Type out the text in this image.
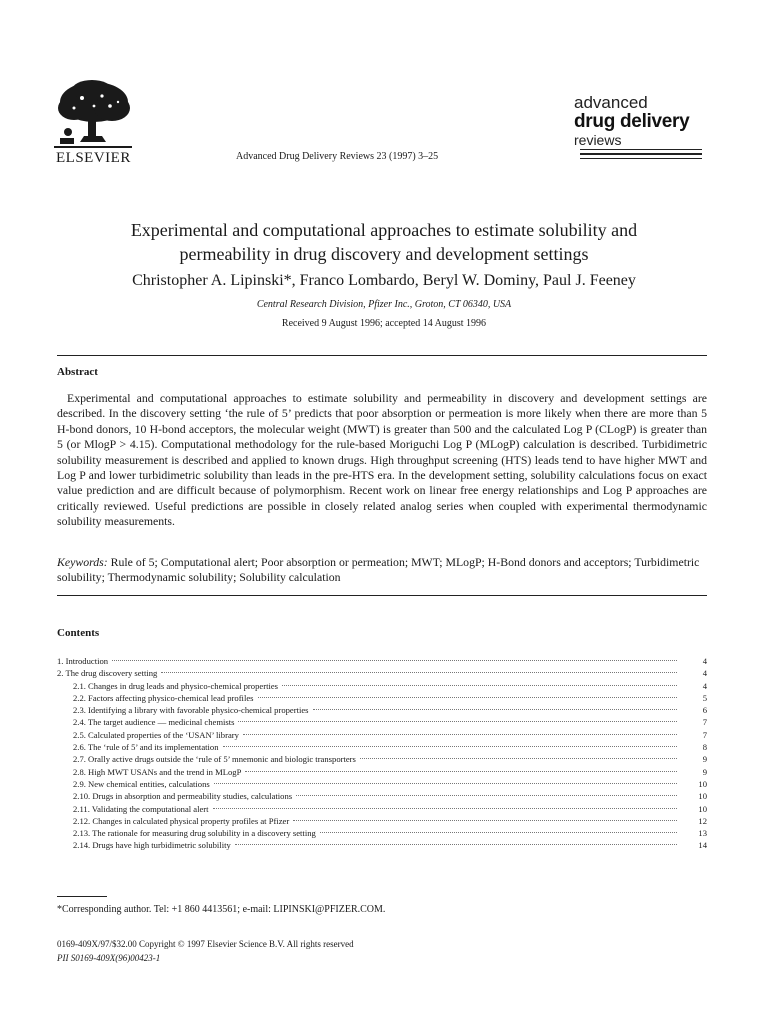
ELSEVIER	Advanced Drug Delivery Reviews 23 (1997) 3–25
advanced
drug delivery
reviews
Experimental and computational approaches to estimate solubility and
permeability in drug discovery and development settings
Christopher A. Lipinski*, Franco Lombardo, Beryl W. Dominy, Paul J. Feeney
Central Research Division, Pfizer Inc., Groton, CT 06340, USA
Received 9 August 1996; accepted 14 August 1996
Abstract
Experimental and computational approaches to estimate solubility and permeability in discovery and development settings are described. In the discovery setting ‘the rule of 5’ predicts that poor absorption or permeation is more likely when there are more than 5 H-bond donors, 10 H-bond acceptors, the molecular weight (MWT) is greater than 500 and the calculated Log P (CLogP) is greater than 5 (or MlogP > 4.15). Computational methodology for the rule-based Moriguchi Log P (MLogP) calculation is described. Turbidimetric solubility measurement is described and applied to known drugs. High throughput screening (HTS) leads tend to have higher MWT and Log P and lower turbidimetric solubility than leads in the pre-HTS era. In the development setting, solubility calculations focus on exact value prediction and are difficult because of polymorphism. Recent work on linear free energy relationships and Log P approaches are critically reviewed. Useful predictions are possible in closely related analog series when coupled with experimental thermodynamic solubility measurements.
Keywords: Rule of 5; Computational alert; Poor absorption or permeation; MWT; MLogP; H-Bond donors and acceptors; Turbidimetric solubility; Thermodynamic solubility; Solubility calculation
Contents
1. Introduction	4
2. The drug discovery setting	4
2.1. Changes in drug leads and physico-chemical properties	4
2.2. Factors affecting physico-chemical lead profiles	5
2.3. Identifying a library with favorable physico-chemical properties	6
2.4. The target audience — medicinal chemists	7
2.5. Calculated properties of the ‘USAN’ library	7
2.6. The ‘rule of 5’ and its implementation	8
2.7. Orally active drugs outside the ‘rule of 5’ mnemonic and biologic transporters	9
2.8. High MWT USANs and the trend in MLogP	9
2.9. New chemical entities, calculations	10
2.10. Drugs in absorption and permeability studies, calculations	10
2.11. Validating the computational alert	10
2.12. Changes in calculated physical property profiles at Pfizer	12
2.13. The rationale for measuring drug solubility in a discovery setting	13
2.14. Drugs have high turbidimetric solubility	14
*Corresponding author. Tel: +1 860 4413561; e-mail: LIPINSKI@PFIZER.COM.
0169-409X/97/$32.00 Copyright © 1997 Elsevier Science B.V. All rights reserved
PII S0169-409X(96)00423-1
